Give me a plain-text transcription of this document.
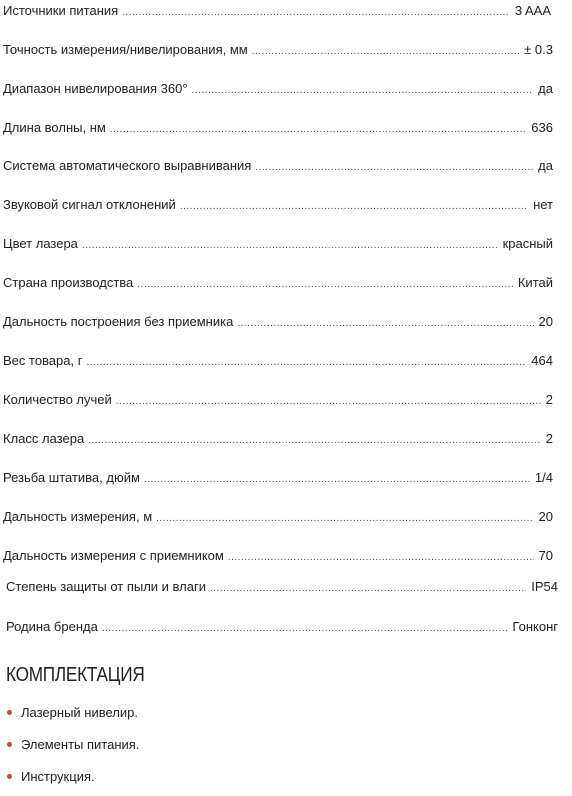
Источники питания .....	3 AAA
Точность измерения/нивелирования, мм .....	± 0.3
Диапазон нивелирования 360° .....	да
Длина волны, нм .....	636
Система автоматического выравнивания .....	да
Звуковой сигнал отклонений .....	нет
Цвет лазера .....	красный
Страна производства .....	Китай
Дальность построения без приемника .....	20
Вес товара, г .....	464
Количество лучей .....	2
Класс лазера .....	2
Резьба штатива, дюйм .....	1/4
Дальность измерения, м .....	20
Дальность измерения с приемником .....	70
Степень защиты от пыли и влаги .....	IP54
Родина бренда .....	Гонконг
КОМПЛЕКТАЦИЯ
Лазерный нивелир.
Элементы питания.
Инструкция.
